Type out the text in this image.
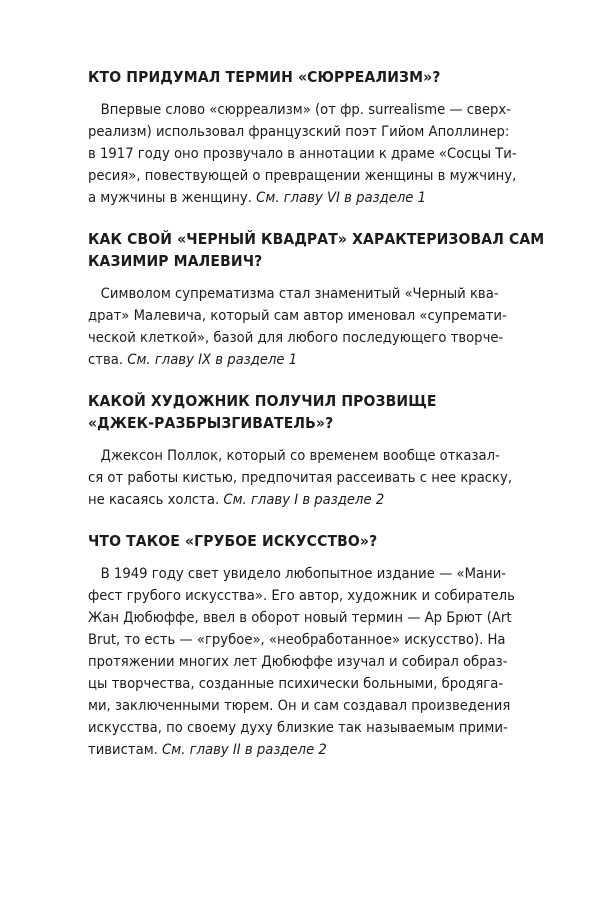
КТО ПРИДУМАЛ ТЕРМИН «СЮРРЕАЛИЗМ»?
Впервые слово «сюрреализм» (от фр. surrealisme — сверх-
реализм) использовал французский поэт Гийом Аполлинер:
в 1917 году оно прозвучало в аннотации к драме «Сосцы Ти-
ресия», повествующей о превращении женщины в мужчину,
а мужчины в женщину. См. главу VI в разделе 1
КАК СВОЙ «ЧЕРНЫЙ КВАДРАТ» ХАРАКТЕРИЗОВАЛ САМ
КАЗИМИР МАЛЕВИЧ?
Символом супрематизма стал знаменитый «Черный ква-
драт» Малевича, который сам автор именовал «супремати-
ческой клеткой», базой для любого последующего творче-
ства. См. главу IX в разделе 1
КАКОЙ ХУДОЖНИК ПОЛУЧИЛ ПРОЗВИЩЕ
«ДЖЕК-РАЗБРЫЗГИВАТЕЛЬ»?
Джексон Поллок, который со временем вообще отказал-
ся от работы кистью, предпочитая рассеивать с нее краску,
не касаясь холста. См. главу I в разделе 2
ЧТО ТАКОЕ «ГРУБОЕ ИСКУССТВО»?
В 1949 году свет увидело любопытное издание — «Мани-
фест грубого искусства». Его автор, художник и собиратель
Жан Дюбюффе, ввел в оборот новый термин — Ар Брют (Art
Brut, то есть — «грубое», «необработанное» искусство). На
протяжении многих лет Дюбюффе изучал и собирал образ-
цы творчества, созданные психически больными, бродяга-
ми, заключенными тюрем. Он и сам создавал произведения
искусства, по своему духу близкие так называемым прими-
тивистам. См. главу II в разделе 2
